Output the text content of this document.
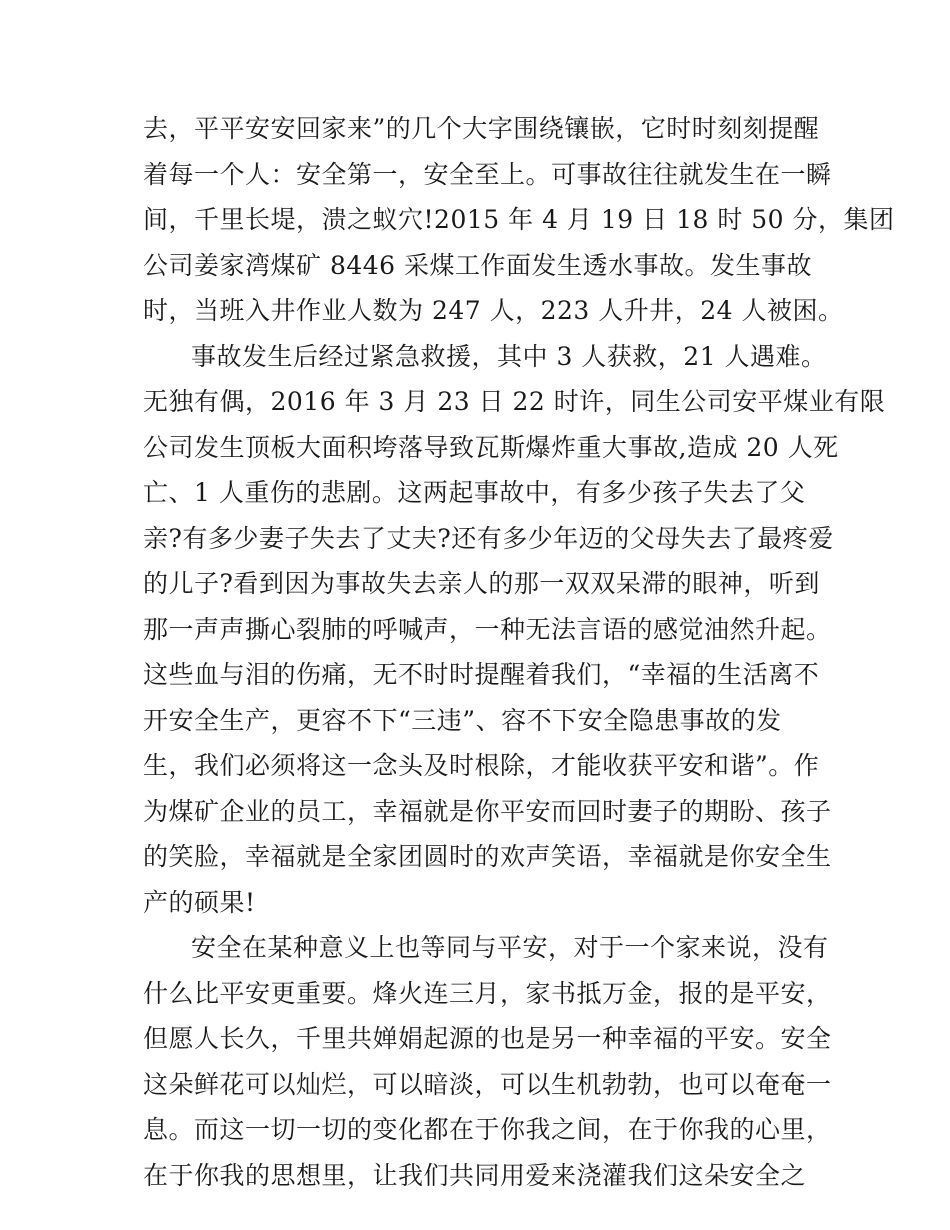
去，平平安安回家来”的几个大字围绕镶嵌，它时时刻刻提醒
着每一个人：安全第一，安全至上。可事故往往就发生在一瞬
间，千里长堤，溃之蚁穴!2015 年 4 月 19 日 18 时 50 分，集团
公司姜家湾煤矿 8446 采煤工作面发生透水事故。发生事故
时，当班入井作业人数为 247 人，223 人升井，24 人被困。
事故发生后经过紧急救援，其中 3 人获救，21 人遇难。
无独有偶，2016 年 3 月 23 日 22 时许，同生公司安平煤业有限
公司发生顶板大面积垮落导致瓦斯爆炸重大事故,造成 20 人死
亡、1 人重伤的悲剧。这两起事故中，有多少孩子失去了父
亲?有多少妻子失去了丈夫?还有多少年迈的父母失去了最疼爱
的儿子?看到因为事故失去亲人的那一双双呆滞的眼神，听到
那一声声撕心裂肺的呼喊声，一种无法言语的感觉油然升起。
这些血与泪的伤痛，无不时时提醒着我们，“幸福的生活离不
开安全生产，更容不下“三违”、容不下安全隐患事故的发
生，我们必须将这一念头及时根除，才能收获平安和谐”。作
为煤矿企业的员工，幸福就是你平安而回时妻子的期盼、孩子
的笑脸，幸福就是全家团圆时的欢声笑语，幸福就是你安全生
产的硕果!
安全在某种意义上也等同与平安，对于一个家来说，没有
什么比平安更重要。烽火连三月，家书抵万金，报的是平安，
但愿人长久，千里共婵娟起源的也是另一种幸福的平安。安全
这朵鲜花可以灿烂，可以暗淡，可以生机勃勃，也可以奄奄一
息。而这一切一切的变化都在于你我之间，在于你我的心里，
在于你我的思想里，让我们共同用爱来浇灌我们这朵安全之
